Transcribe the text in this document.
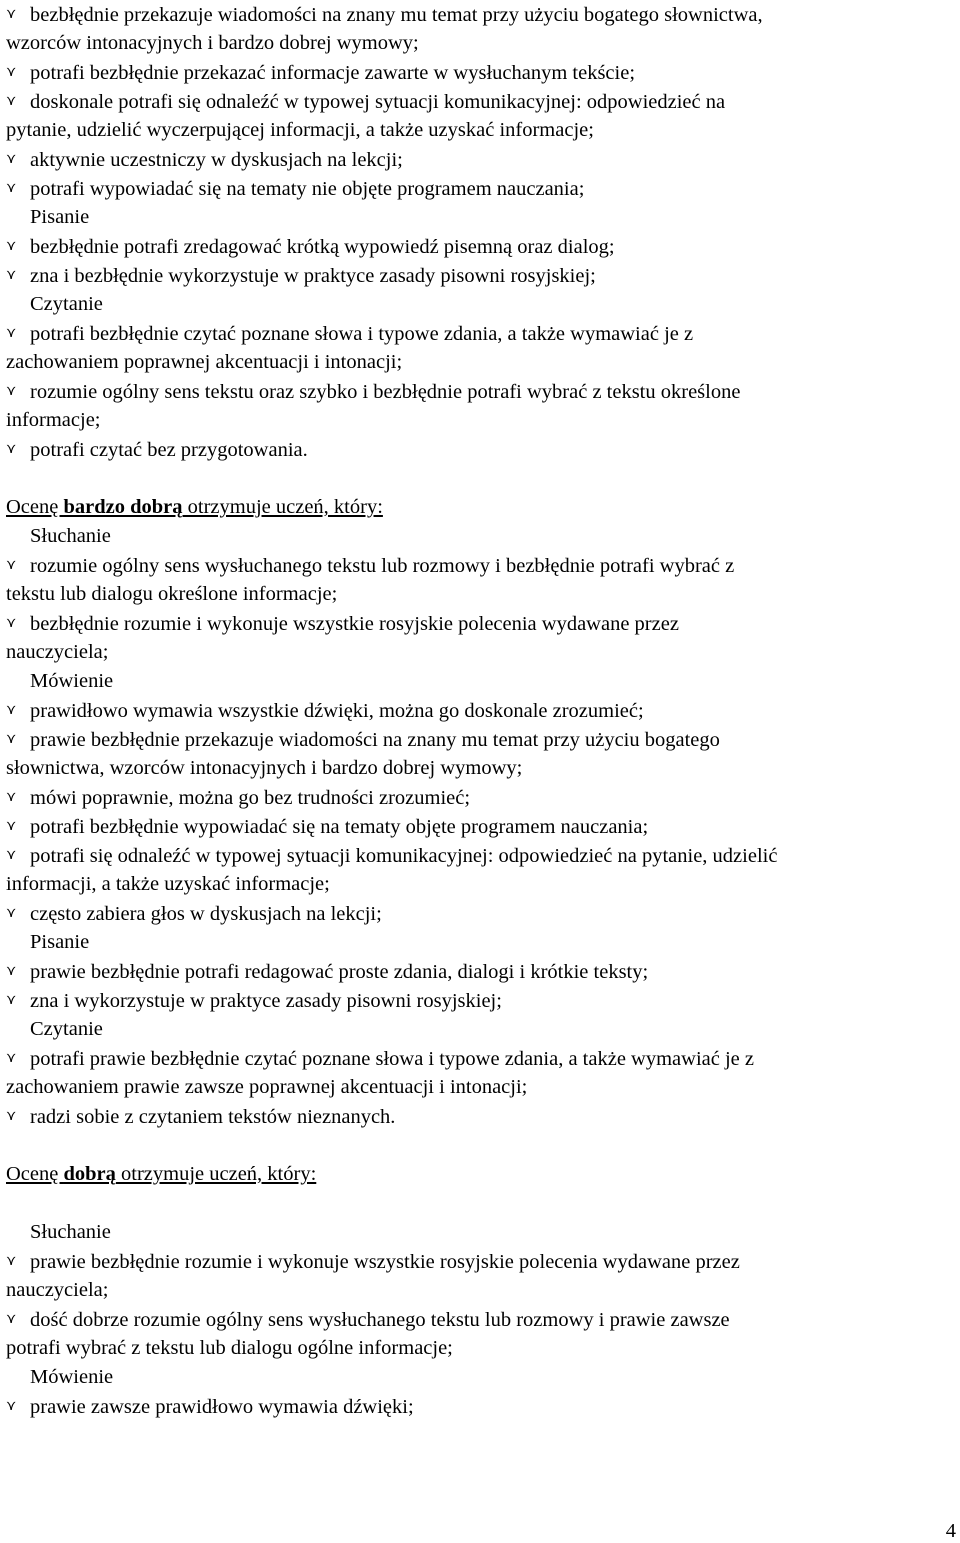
⋎ bezbłędnie przekazuje wiadomości na znany mu temat przy użyciu bogatego słownictwa,
wzorców intonacyjnych i bardzo dobrej wymowy;
⋎ potrafi bezbłędnie przekazać informacje zawarte w wysłuchanym tekście;
⋎ doskonale potrafi się odnaleźć w typowej sytuacji komunikacyjnej: odpowiedzieć na
pytanie, udzielić wyczerpującej informacji, a także uzyskać informacje;
⋎ aktywnie uczestniczy w dyskusjach na lekcji;
⋎ potrafi wypowiadać się na tematy nie objęte programem nauczania;
Pisanie
⋎ bezbłędnie potrafi zredagować krótką wypowiedź pisemną oraz dialog;
⋎ zna i bezbłędnie wykorzystuje w praktyce zasady pisowni rosyjskiej;
Czytanie
⋎ potrafi bezbłędnie czytać poznane słowa i typowe zdania, a także wymawiać je z
zachowaniem poprawnej akcentuacji i intonacji;
⋎ rozumie ogólny sens tekstu oraz szybko i bezbłędnie potrafi wybrać z tekstu określone
informacje;
⋎ potrafi czytać bez przygotowania.
Ocenę bardzo dobrą otrzymuje uczeń, który:
Słuchanie
⋎ rozumie ogólny sens wysłuchanego tekstu lub rozmowy i bezbłędnie potrafi wybrać z
tekstu lub dialogu określone informacje;
⋎ bezbłędnie rozumie i wykonuje wszystkie rosyjskie polecenia wydawane przez
nauczyciela;
Mówienie
⋎ prawidłowo wymawia wszystkie dźwięki, można go doskonale zrozumieć;
⋎ prawie bezbłędnie przekazuje wiadomości na znany mu temat przy użyciu bogatego
słownictwa, wzorców intonacyjnych i bardzo dobrej wymowy;
⋎ mówi poprawnie, można go bez trudności zrozumieć;
⋎ potrafi bezbłędnie wypowiadać się na tematy objęte programem nauczania;
⋎ potrafi się odnaleźć w typowej sytuacji komunikacyjnej: odpowiedzieć na pytanie, udzielić
informacji, a także uzyskać informacje;
⋎ często zabiera głos w dyskusjach na lekcji;
Pisanie
⋎ prawie bezbłędnie potrafi redagować proste zdania, dialogi i krótkie teksty;
⋎ zna i wykorzystuje w praktyce zasady pisowni rosyjskiej;
Czytanie
⋎ potrafi prawie bezbłędnie czytać poznane słowa i typowe zdania, a także wymawiać je z
zachowaniem prawie zawsze poprawnej akcentuacji i intonacji;
⋎ radzi sobie z czytaniem tekstów nieznanych.
Ocenę dobrą otrzymuje uczeń, który:
Słuchanie
⋎ prawie bezbłędnie rozumie i wykonuje wszystkie rosyjskie polecenia wydawane przez
nauczyciela;
⋎ dość dobrze rozumie ogólny sens wysłuchanego tekstu lub rozmowy i prawie zawsze
potrafi wybrać z tekstu lub dialogu ogólne informacje;
Mówienie
⋎ prawie zawsze prawidłowo wymawia dźwięki;
4
